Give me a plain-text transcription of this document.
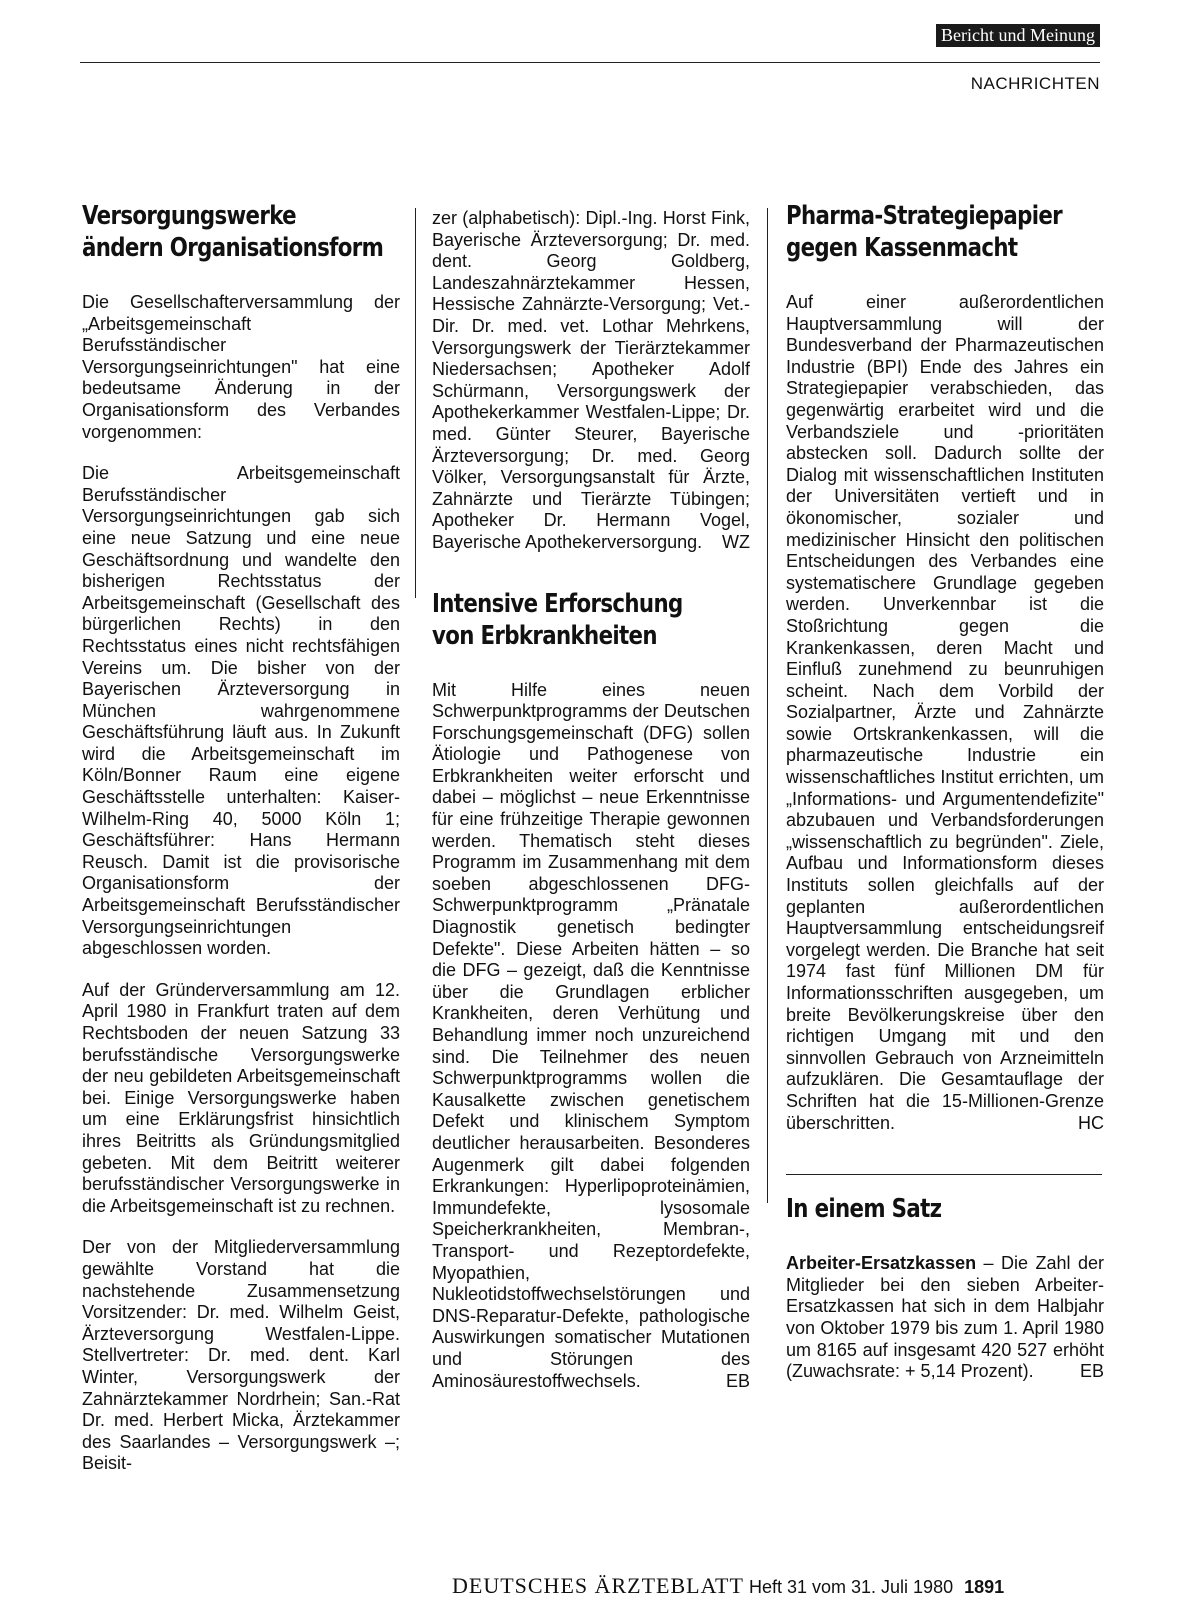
Bericht und Meinung
NACHRICHTEN
Versorgungswerke
ändern Organisationsform

Die Gesellschafterversammlung der „Arbeitsgemeinschaft Berufsständischer Versorgungseinrichtungen" hat eine bedeutsame Änderung in der Organisationsform des Verbandes vorgenommen:

Die Arbeitsgemeinschaft Berufsständischer Versorgungseinrichtungen gab sich eine neue Satzung und eine neue Geschäftsordnung und wandelte den bisherigen Rechtsstatus der Arbeitsgemeinschaft (Gesellschaft des bürgerlichen Rechts) in den Rechtsstatus eines nicht rechtsfähigen Vereins um. Die bisher von der Bayerischen Ärzteversorgung in München wahrgenommene Geschäftsführung läuft aus. In Zukunft wird die Arbeitsgemeinschaft im Köln/Bonner Raum eine eigene Geschäftsstelle unterhalten: Kaiser-Wilhelm-Ring 40, 5000 Köln 1; Geschäftsführer: Hans Hermann Reusch. Damit ist die provisorische Organisationsform der Arbeitsgemeinschaft Berufsständischer Versorgungseinrichtungen abgeschlossen worden.

Auf der Gründerversammlung am 12. April 1980 in Frankfurt traten auf dem Rechtsboden der neuen Satzung 33 berufsständische Versorgungswerke der neu gebildeten Arbeitsgemeinschaft bei. Einige Versorgungswerke haben um eine Erklärungsfrist hinsichtlich ihres Beitritts als Gründungsmitglied gebeten. Mit dem Beitritt weiterer berufsständischer Versorgungswerke in die Arbeitsgemeinschaft ist zu rechnen.

Der von der Mitgliederversammlung gewählte Vorstand hat die nachstehende Zusammensetzung Vorsitzender: Dr. med. Wilhelm Geist, Ärzteversorgung Westfalen-Lippe. Stellvertreter: Dr. med. dent. Karl Winter, Versorgungswerk der Zahnärztekammer Nordrhein; San.-Rat Dr. med. Herbert Micka, Ärztekammer des Saarlandes – Versorgungswerk –; Beisit-

zer (alphabetisch): Dipl.-Ing. Horst Fink, Bayerische Ärzteversorgung; Dr. med. dent. Georg Goldberg, Landeszahnärztekammer Hessen, Hessische Zahnärzte-Versorgung; Vet.-Dir. Dr. med. vet. Lothar Mehrkens, Versorgungswerk der Tierärztekammer Niedersachsen; Apotheker Adolf Schürmann, Versorgungswerk der Apothekerkammer Westfalen-Lippe; Dr. med. Günter Steurer, Bayerische Ärzteversorgung; Dr. med. Georg Völker, Versorgungsanstalt für Ärzte, Zahnärzte und Tierärzte Tübingen; Apotheker Dr. Hermann Vogel, Bayerische Apothekerversorgung. WZ

Intensive Erforschung
von Erbkrankheiten

Mit Hilfe eines neuen Schwerpunktprogramms der Deutschen Forschungsgemeinschaft (DFG) sollen Ätiologie und Pathogenese von Erbkrankheiten weiter erforscht und dabei – möglichst – neue Erkenntnisse für eine frühzeitige Therapie gewonnen werden. Thematisch steht dieses Programm im Zusammenhang mit dem soeben abgeschlossenen DFG-Schwerpunktprogramm „Pränatale Diagnostik genetisch bedingter Defekte". Diese Arbeiten hätten – so die DFG – gezeigt, daß die Kenntnisse über die Grundlagen erblicher Krankheiten, deren Verhütung und Behandlung immer noch unzureichend sind. Die Teilnehmer des neuen Schwerpunktprogramms wollen die Kausalkette zwischen genetischem Defekt und klinischem Symptom deutlicher herausarbeiten. Besonderes Augenmerk gilt dabei folgenden Erkrankungen: Hyperlipoproteinämien, Immundefekte, lysosomale Speicherkrankheiten, Membran-, Transport- und Rezeptordefekte, Myopathien, Nukleotidstoffwechselstörungen und DNS-Reparatur-Defekte, pathologische Auswirkungen somatischer Mutationen und Störungen des Aminosäurestoffwechsels.	EB

Pharma-Strategiepapier
gegen Kassenmacht

Auf einer außerordentlichen Hauptversammlung will der Bundesverband der Pharmazeutischen Industrie (BPI) Ende des Jahres ein Strategiepapier verabschieden, das gegenwärtig erarbeitet wird und die Verbandsziele und -prioritäten abstecken soll. Dadurch sollte der Dialog mit wissenschaftlichen Instituten der Universitäten vertieft und in ökonomischer, sozialer und medizinischer Hinsicht den politischen Entscheidungen des Verbandes eine systematischere Grundlage gegeben werden. Unverkennbar ist die Stoßrichtung gegen die Krankenkassen, deren Macht und Einfluß zunehmend zu beunruhigen scheint. Nach dem Vorbild der Sozialpartner, Ärzte und Zahnärzte sowie Ortskrankenkassen, will die pharmazeutische Industrie ein wissenschaftliches Institut errichten, um „Informations- und Argumentendefizite" abzubauen und Verbandsforderungen „wissenschaftlich zu begründen". Ziele, Aufbau und Informationsform dieses Instituts sollen gleichfalls auf der geplanten außerordentlichen Hauptversammlung entscheidungsreif vorgelegt werden. Die Branche hat seit 1974 fast fünf Millionen DM für Informationsschriften ausgegeben, um breite Bevölkerungskreise über den richtigen Umgang mit und den sinnvollen Gebrauch von Arzneimitteln aufzuklären. Die Gesamtauflage der Schriften hat die 15-Millionen-Grenze überschritten.	HC

In einem Satz

Arbeiter-Ersatzkassen – Die Zahl der Mitglieder bei den sieben Arbeiter-Ersatzkassen hat sich in dem Halbjahr von Oktober 1979 bis zum 1. April 1980 um 8165 auf insgesamt 420 527 erhöht (Zuwachsrate: + 5,14 Prozent).	EB

DEUTSCHES ÄRZTEBLATT Heft 31 vom 31. Juli 1980 1891
